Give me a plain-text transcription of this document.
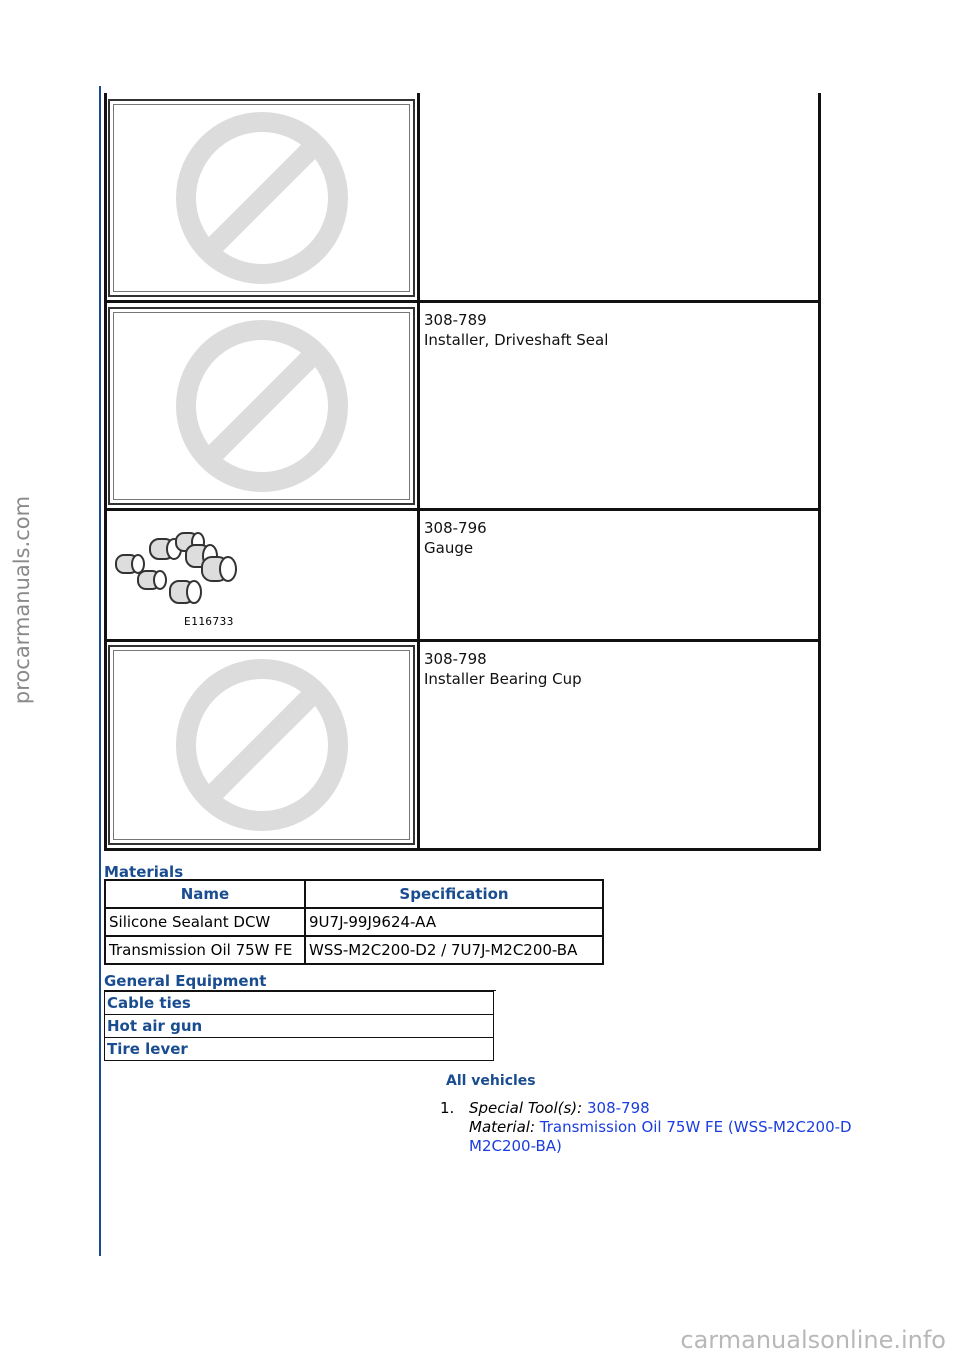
procarmanuals.com	E116733
308-789
Installer, Driveshaft Seal
308-796
Gauge
308-798
Installer Bearing Cup
Materials
Name	Specification
Silicone Sealant DCW	9U7J-99J9624-AA
Transmission Oil 75W FE	WSS-M2C200-D2 / 7U7J-M2C200-BA
General Equipment
Cable ties
Hot air gun
Tire lever
All vehicles
1. Special Tool(s): 308-798
Material: Transmission Oil 75W FE (WSS-M2C200-D
M2C200-BA)
carmanualsonline.info
